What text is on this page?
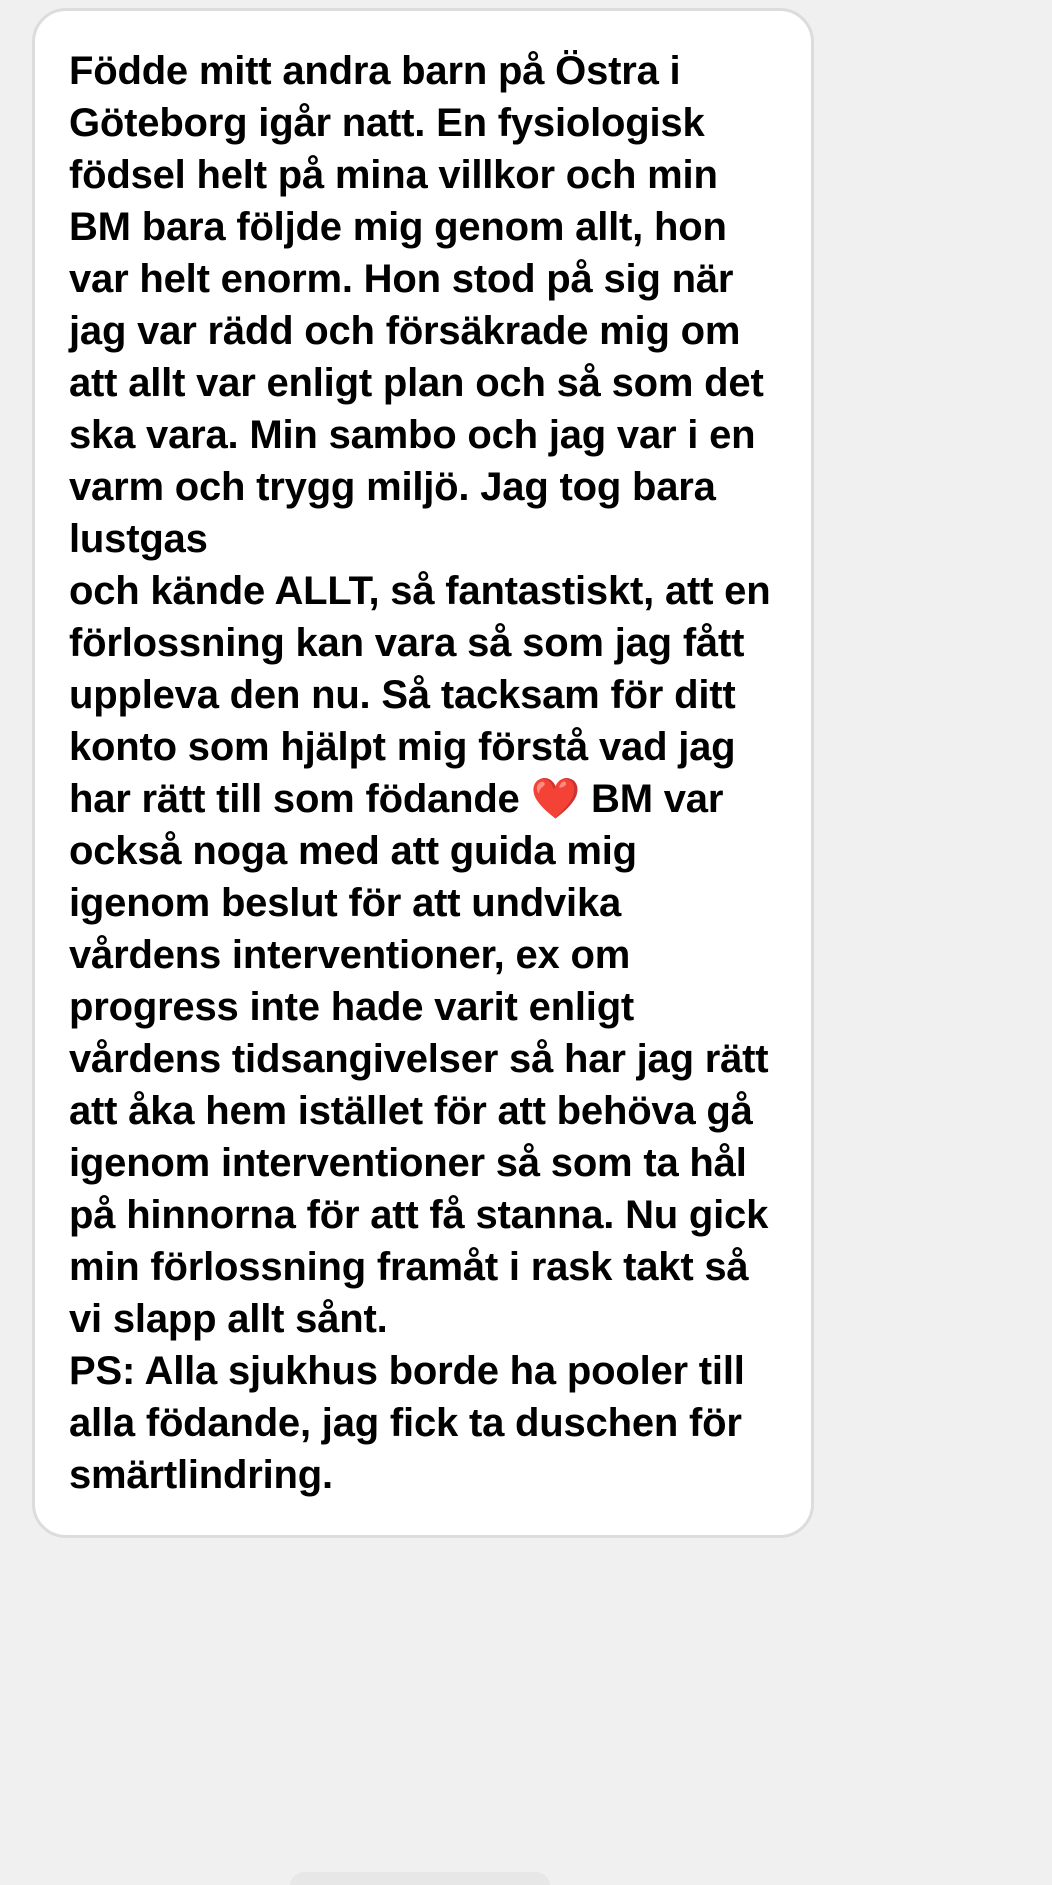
Födde mitt andra barn på Östra i Göteborg igår natt. En fysiologisk födsel helt på mina villkor och min BM bara följde mig genom allt, hon var helt enorm. Hon stod på sig när jag var rädd och försäkrade mig om att allt var enligt plan och så som det ska vara. Min sambo och jag var i en varm och trygg miljö. Jag tog bara lustgas

och kände ALLT, så fantastiskt, att en förlossning kan vara så som jag fått uppleva den nu. Så tacksam för ditt konto som hjälpt mig förstå vad jag har rätt till som födande ❤️ BM var också noga med att guida mig igenom beslut för att undvika vårdens interventioner, ex om progress inte hade varit enligt vårdens tidsangivelser så har jag rätt att åka hem istället för att behöva gå igenom interventioner så som ta hål på hinnorna för att få stanna. Nu gick min förlossning framåt i rask takt så vi slapp allt sånt.

PS: Alla sjukhus borde ha pooler till alla födande, jag fick ta duschen för smärtlindring.
